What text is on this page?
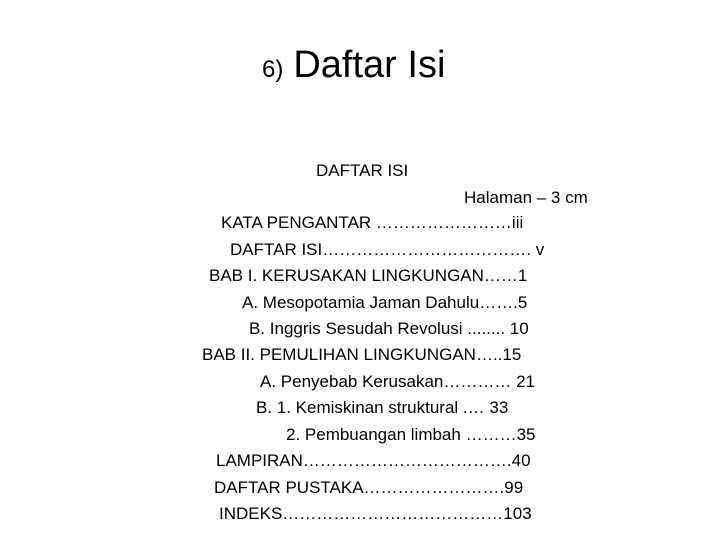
6) Daftar Isi
DAFTAR ISI
Halaman – 3 cm
KATA PENGANTAR ……………………iii
DAFTAR ISI………………………………. v
BAB I. KERUSAKAN LINGKUNGAN……1
A. Mesopotamia Jaman Dahulu…….5
B. Inggris Sesudah Revolusi ........ 10
BAB II. PEMULIHAN LINGKUNGAN…..15
A. Penyebab Kerusakan………… 21
B. 1. Kemiskinan struktural .… 33
2. Pembuangan limbah ………35
LAMPIRAN……………………………….40
DAFTAR PUSTAKA…………………….99
INDEKS…………………………………103
